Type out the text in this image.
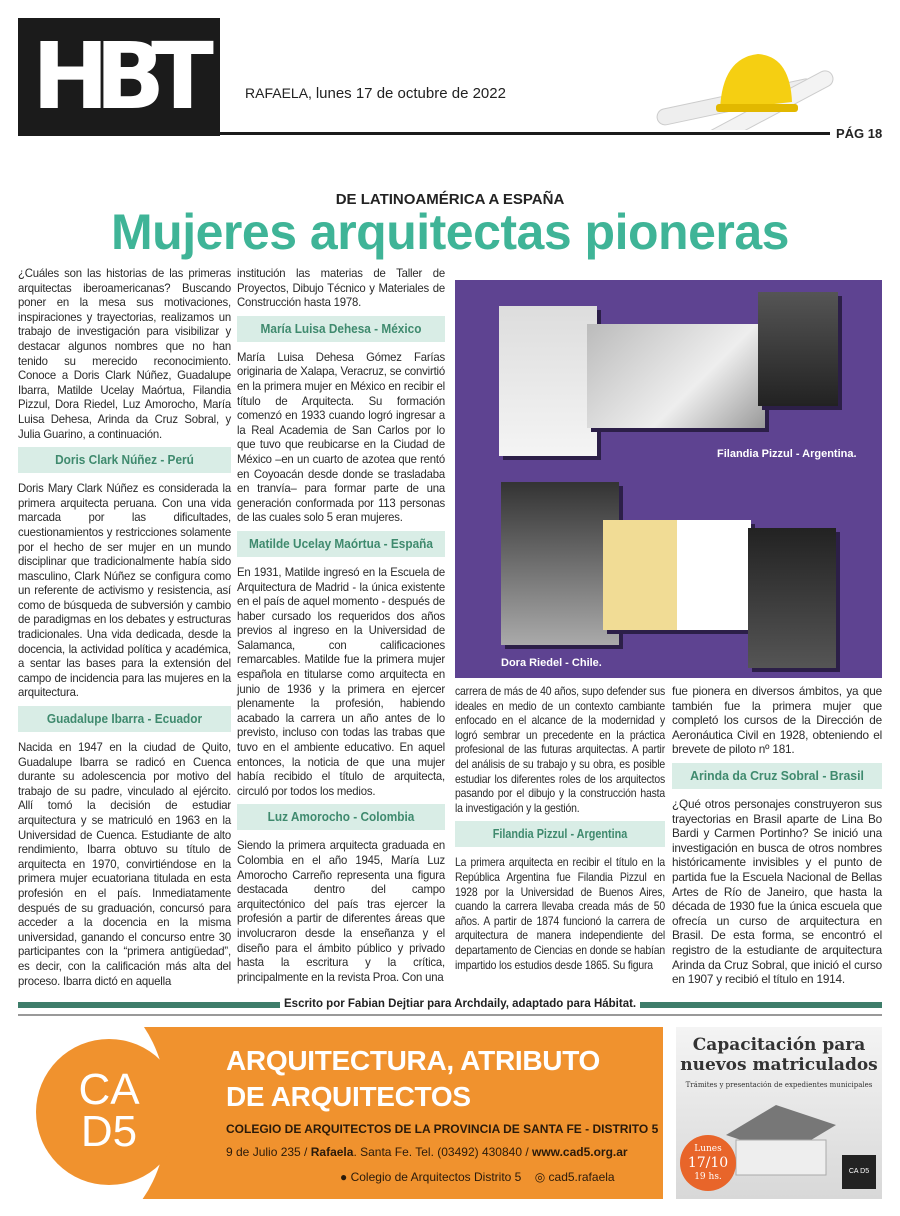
HBT	RAFAELA, lunes 17 de octubre de 2022
PÁG 18
DE LATINOAMÉRICA A ESPAÑA
Mujeres arquitectas pioneras

¿Cuáles son las historias de las primeras arquitectas iberoamericanas? Buscando poner en la mesa sus motivaciones, inspiraciones y trayectorias, realizamos un trabajo de investigación para visibilizar y destacar algunos nombres que no han tenido su merecido reconocimiento. Conoce a Doris Clark Núñez, Guadalupe Ibarra, Matilde Ucelay Maórtua, Filandia Pizzul, Dora Riedel, Luz Amorocho, María Luisa Dehesa, Arinda da Cruz Sobral, y Julia Guarino, a continuación.

Doris Clark Núñez - Perú

Doris Mary Clark Núñez es considerada la primera arquitecta peruana. Con una vida marcada por las dificultades, cuestionamientos y restricciones solamente por el hecho de ser mujer en un mundo disciplinar que tradicionalmente había sido masculino, Clark Núñez se configura como un referente de activismo y resistencia, así como de búsqueda de subversión y cambio de paradigmas en los debates y estructuras tradicionales. Una vida dedicada, desde la docencia, la actividad política y académica, a sentar las bases para la extensión del campo de incidencia para las mujeres en la arquitectura.

Guadalupe Ibarra - Ecuador

Nacida en 1947 en la ciudad de Quito, Guadalupe Ibarra se radicó en Cuenca durante su adolescencia por motivo del trabajo de su padre, vinculado al ejército. Allí tomó la decisión de estudiar arquitectura y se matriculó en 1963 en la Universidad de Cuenca. Estudiante de alto rendimiento, Ibarra obtuvo su título de arquitecta en 1970, convirtiéndose en la primera mujer ecuatoriana titulada en esta profesión en el país. Inmediatamente después de su graduación, concursó para acceder a la docencia en la misma universidad, ganando el concurso entre 30 participantes con la “primera antigüedad”, es decir, con la calificación más alta del proceso. Ibarra dictó en aquella

institución las materias de Taller de Proyectos, Dibujo Técnico y Materiales de Construcción hasta 1978.

María Luisa Dehesa - México

María Luisa Dehesa Gómez Farías originaria de Xalapa, Veracruz, se convirtió en la primera mujer en México en recibir el título de Arquitecta. Su formación comenzó en 1933 cuando logró ingresar a la Real Academia de San Carlos por lo que tuvo que reubicarse en la Ciudad de México –en un cuarto de azotea que rentó en Coyoacán desde donde se trasladaba en tranvía– para formar parte de una generación conformada por 113 personas de las cuales solo 5 eran mujeres.

Matilde Ucelay Maórtua - España

En 1931, Matilde ingresó en la Escuela de Arquitectura de Madrid - la única existente en el país de aquel momento - después de haber cursado los requeridos dos años previos al ingreso en la Universidad de Salamanca, con calificaciones remarcables. Matilde fue la primera mujer española en titularse como arquitecta en junio de 1936 y la primera en ejercer plenamente la profesión, habiendo acabado la carrera un año antes de lo previsto, incluso con todas las trabas que tuvo en el ambiente educativo. En aquel entonces, la noticia de que una mujer había recibido el título de arquitecta, circuló por todos los medios.

Luz Amorocho - Colombia

Siendo la primera arquitecta graduada en Colombia en el año 1945, María Luz Amorocho Carreño representa una figura destacada dentro del campo arquitectónico del país tras ejercer la profesión a partir de diferentes áreas que involucraron desde la enseñanza y el diseño para el ámbito público y privado hasta la escritura y la crítica, principalmente en la revista Proa. Con una

Filandia Pizzul - Argentina.
Dora Riedel - Chile.

carrera de más de 40 años, supo defender sus ideales en medio de un contexto cambiante enfocado en el alcance de la modernidad y logró sembrar un precedente en la práctica profesional de las futuras arquitectas. A partir del análisis de su trabajo y su obra, es posible estudiar los diferentes roles de los arquitectos pasando por el dibujo y la construcción hasta la investigación y la gestión.

Filandia Pizzul - Argentina

La primera arquitecta en recibir el título en la República Argentina fue Filandia Pizzul en 1928 por la Universidad de Buenos Aires, cuando la carrera llevaba creada más de 50 años. A partir de 1874 funcionó la carrera de arquitectura de manera independiente del departamento de Ciencias en donde se habían impartido los estudios desde 1865. Su figura

fue pionera en diversos ámbitos, ya que también fue la primera mujer que completó los cursos de la Dirección de Aeronáutica Civil en 1928, obteniendo el brevete de piloto nº 181.

Arinda da Cruz Sobral - Brasil

¿Qué otros personajes construyeron sus trayectorias en Brasil aparte de Lina Bo Bardi y Carmen Portinho? Se inició una investigación en busca de otros nombres históricamente invisibles y el punto de partida fue la Escuela Nacional de Bellas Artes de Río de Janeiro, que hasta la década de 1930 fue la única escuela que ofrecía un curso de arquitectura en Brasil. De esta forma, se encontró el registro de la estudiante de arquitectura Arinda da Cruz Sobral, que inició el curso en 1907 y recibió el título en 1914.

Escrito por Fabian Dejtiar para Archdaily, adaptado para Hábitat.
CA
D5
ARQUITECTURA, ATRIBUTO
DE ARQUITECTOS
COLEGIO DE ARQUITECTOS DE LA PROVINCIA DE SANTA FE - DISTRITO 5
9 de Julio 235 / Rafaela. Santa Fe. Tel. (03492) 430840 / www.cad5.org.ar
● Colegio de Arquitectos Distrito 5 ◎ cad5.rafaela
Capacitación para
nuevos matriculados
Trámites y presentación de expedientes municipales
Lunes
17/10
19 hs.
CA D5
